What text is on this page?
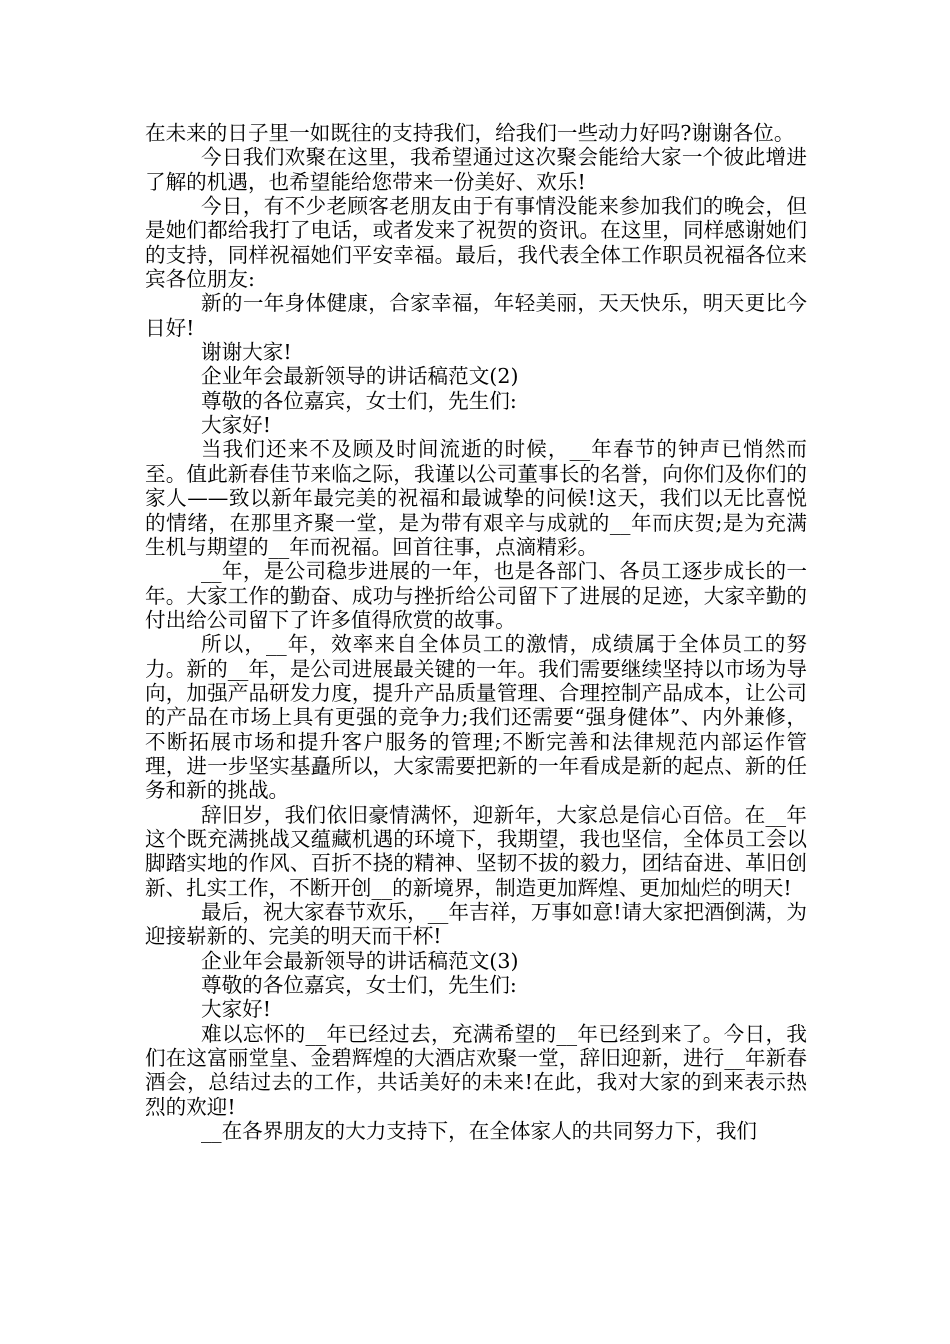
在未来的日子里一如既往的支持我们，给我们一些动力好吗?谢谢各位。

今日我们欢聚在这里，我希望通过这次聚会能给大家一个彼此增进了解的机遇，也希望能给您带来一份美好、欢乐!

今日，有不少老顾客老朋友由于有事情没能来参加我们的晚会，但是她们都给我打了电话，或者发来了祝贺的资讯。在这里，同样感谢她们的支持，同样祝福她们平安幸福。最后，我代表全体工作职员祝福各位来宾各位朋友:

新的一年身体健康，合家幸福，年轻美丽，天天快乐，明天更比今日好!

谢谢大家!

企业年会最新领导的讲话稿范文(2)

尊敬的各位嘉宾，女士们，先生们:

大家好!

当我们还来不及顾及时间流逝的时候，__年春节的钟声已悄然而至。值此新春佳节来临之际，我谨以公司董事长的名誉，向你们及你们的家人——致以新年最完美的祝福和最诚挚的问候!这天，我们以无比喜悦的情绪，在那里齐聚一堂，是为带有艰辛与成就的__年而庆贺;是为充满生机与期望的__年而祝福。回首往事，点滴精彩。

__年，是公司稳步进展的一年，也是各部门、各员工逐步成长的一年。大家工作的勤奋、成功与挫折给公司留下了进展的足迹，大家辛勤的付出给公司留下了许多值得欣赏的故事。

所以，__年，效率来自全体员工的激情，成绩属于全体员工的努力。新的__年，是公司进展最关键的一年。我们需要继续坚持以市场为导向，加强产品研发力度，提升产品质量管理、合理控制产品成本，让公司的产品在市场上具有更强的竞争力;我们还需要“强身健体”、内外兼修，不断拓展市场和提升客户服务的管理;不断完善和法律规范内部运作管理，进一步坚实基矗所以，大家需要把新的一年看成是新的起点、新的任务和新的挑战。

辞旧岁，我们依旧豪情满怀，迎新年，大家总是信心百倍。在__年这个既充满挑战又蕴藏机遇的环境下，我期望，我也坚信，全体员工会以脚踏实地的作风、百折不挠的精神、坚韧不拔的毅力，团结奋进、革旧创新、扎实工作，不断开创__的新境界，制造更加辉煌、更加灿烂的明天!

最后，祝大家春节欢乐，__年吉祥，万事如意!请大家把酒倒满，为迎接崭新的、完美的明天而干杯!

企业年会最新领导的讲话稿范文(3)

尊敬的各位嘉宾，女士们，先生们:

大家好!

难以忘怀的__年已经过去，充满希望的__年已经到来了。今日，我们在这富丽堂皇、金碧辉煌的大酒店欢聚一堂，辞旧迎新，进行__年新春酒会，总结过去的工作，共话美好的未来!在此，我对大家的到来表示热烈的欢迎!

__在各界朋友的大力支持下，在全体家人的共同努力下，我们
